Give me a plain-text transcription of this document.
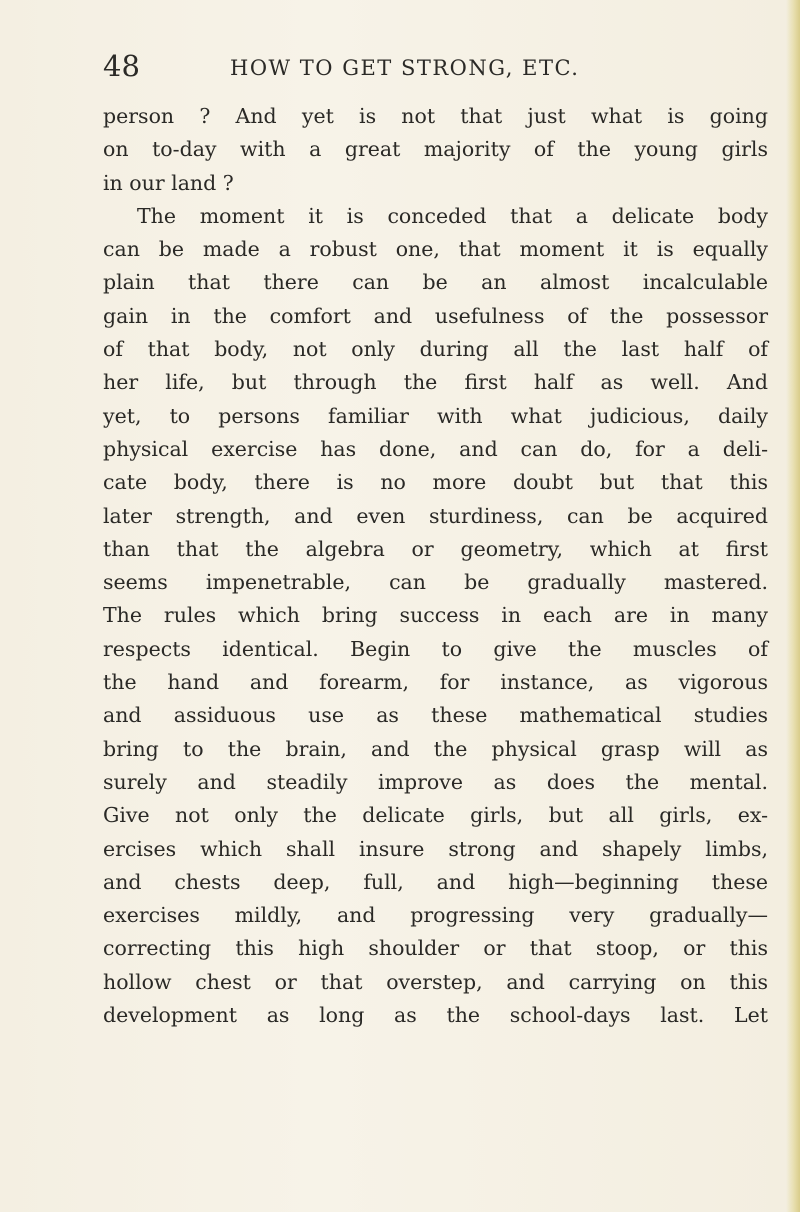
48	HOW TO GET STRONG, ETC.
person ? And yet is not that just what is going
on to-day with a great majority of the young girls
in our land ?
The moment it is conceded that a delicate body
can be made a robust one, that moment it is equally
plain that there can be an almost incalculable
gain in the comfort and usefulness of the possessor
of that body, not only during all the last half of
her life, but through the first half as well. And
yet, to persons familiar with what judicious, daily
physical exercise has done, and can do, for a deli-
cate body, there is no more doubt but that this
later strength, and even sturdiness, can be acquired
than that the algebra or geometry, which at first
seems impenetrable, can be gradually mastered.
The rules which bring success in each are in many
respects identical. Begin to give the muscles of
the hand and forearm, for instance, as vigorous
and assiduous use as these mathematical studies
bring to the brain, and the physical grasp will as
surely and steadily improve as does the mental.
Give not only the delicate girls, but all girls, ex-
ercises which shall insure strong and shapely limbs,
and chests deep, full, and high—beginning these
exercises mildly, and progressing very gradually—
correcting this high shoulder or that stoop, or this
hollow chest or that overstep, and carrying on this
development as long as the school-days last. Let
